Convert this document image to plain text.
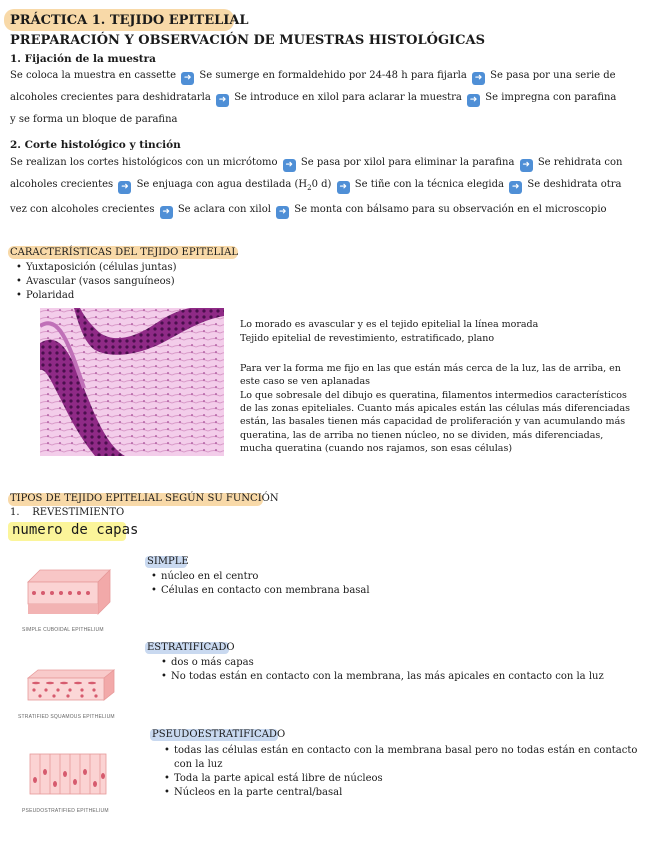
PRÁCTICA 1. TEJIDO EPITELIAL
PREPARACIÓN Y OBSERVACIÓN DE MUESTRAS HISTOLÓGICAS
1. Fijación de la muestra
Se coloca la muestra en cassette ➜ Se sumerge en formaldehido por 24-48 h para fijarla ➜ Se pasa por una serie de alcoholes crecientes para deshidratarla ➜ Se introduce en xilol para aclarar la muestra ➜ Se impregna con parafina y se forma un bloque de parafina
2. Corte histológico y tinción
Se realizan los cortes histológicos con un micrótomo ➜ Se pasa por xilol para eliminar la parafina ➜ Se rehidrata con alcoholes crecientes ➜ Se enjuaga con agua destilada ($H_20$ d) ➜ Se tiñe con la técnica elegida ➜ Se deshidrata otra vez con alcoholes crecientes ➜ Se aclara con xilol ➜ Se monta con bálsamo para su observación en el microscopio
CARACTERÍSTICAS DEL TEJIDO EPITELIAL
• Yuxtaposición (células juntas)
• Avascular (vasos sanguíneos)
• Polaridad
Lo morado es avascular y es el tejido epitelial la línea morada
Tejido epitelial de revestimiento, estratificado, plano
Para ver la forma me fijo en las que están más cerca de la luz, las de arriba, en este caso se ven aplanadas
Lo que sobresale del dibujo es queratina, filamentos intermedios característicos de las zonas epiteliales. Cuanto más apicales están las células más diferenciadas están, las basales tienen más capacidad de proliferación y van acumulando más queratina, las de arriba no tienen núcleo, no se dividen, más diferenciadas, mucha queratina (cuando nos rajamos, son esas células)
TIPOS DE TEJIDO EPITELIAL SEGÚN SU FUNCIÓN
1.    REVESTIMIENTO
numero de capas
SIMPLE CUBOIDAL EPITHELIUM
SIMPLE
• núcleo en el centro
• Células en contacto con membrana basal
STRATIFIED SQUAMOUS EPITHELIUM
ESTRATIFICADO
• dos o más capas
• No todas están en contacto con la membrana, las más apicales en contacto con la luz
PSEUDOSTRATIFIED EPITHELIUM
PSEUDOESTRATIFICADO
• todas las células están en contacto con la membrana basal pero no todas están en contacto con la luz
• Toda la parte apical está libre de núcleos
• Núcleos en la parte central/basal
